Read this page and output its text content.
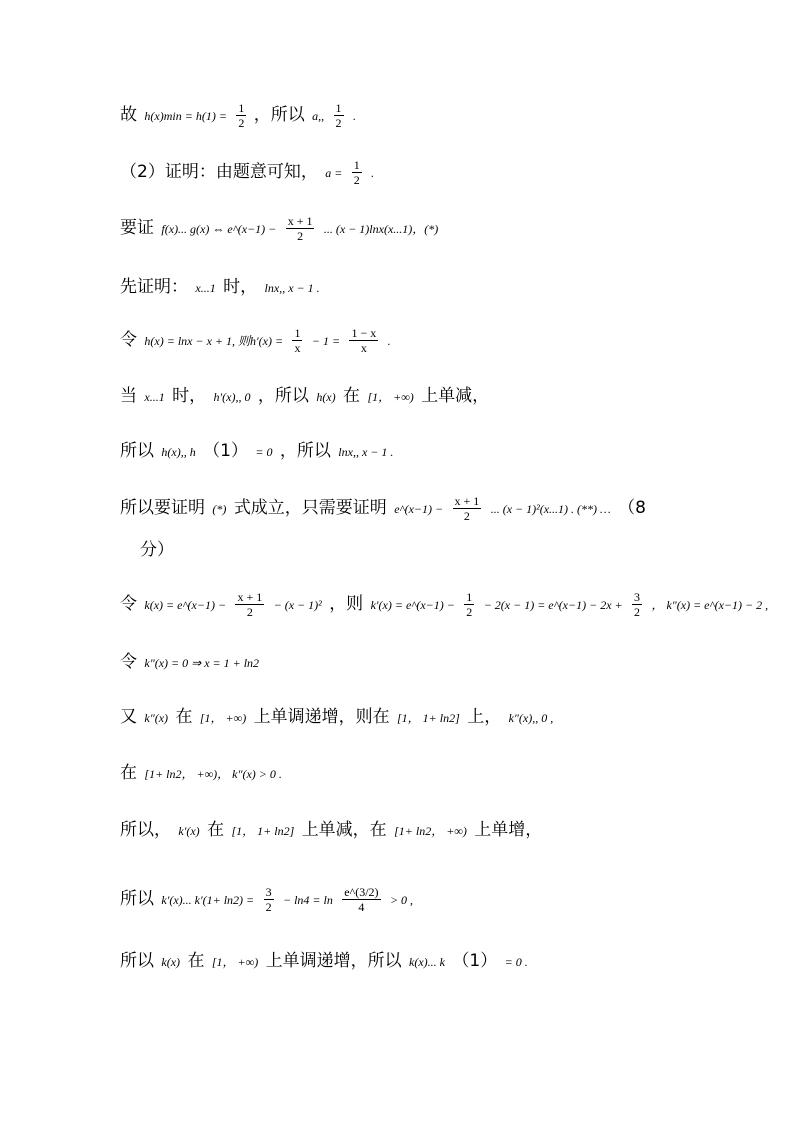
故 $h(x)\min = h(1) = \frac{1}{2}$ ，所以 a,, $\frac{1}{2}$ .
（2）证明：由题意可知， $a = \frac{1}{2}$ .
要证 f(x)... g(x) ⇔ e^(x−1) − $\frac{x + 1}{2}$ ... (x − 1)lnx(x...1)，(*)
先证明： x...1 时， lnx,, x − 1 .
令 h(x) = lnx − x + 1, 则$h'(x) = \frac{1}{x} - 1 = \frac{1 - x}{x}$ .
当 x...1 时， h′(x),, 0 ，所以 h(x) 在 [1， +∞) 上单减，
所以 h(x),, h （1） = 0 ，所以 lnx,, x − 1 .
所以要证明 (*) 式成立，只需要证明 e^(x−1) − $\frac{x + 1}{2}$ ... (x − 1)²(x...1) . (**) … （8
分）
令 k(x) = e^(x−1) − $\frac{x + 1}{2} - (x - 1)^2$ ，则 k′(x) = e^(x−1) − $\frac{1}{2} - 2(x - 1)$ = e^(x−1) − $2x + \frac{3}{2}$ ， k″(x) = e^(x−1) − 2 ,
令 k″(x) = 0 ⇒ x = 1 + ln2
又 k″(x) 在 [1， +∞) 上单调递增，则在 [1， 1+ ln2] 上， k″(x),, 0 ,
在 [1+ ln2， +∞)， k″(x) > 0 .
所以， k′(x) 在 [1， 1+ ln2] 上单减，在 [1+ ln2， +∞) 上单增，
所以 k′(x)... $k'(1+ \ln 2) = \frac{3}{2} - \ln 4 = \ln \frac{e\^{}(3/2)}{4} > 0$ ,
所以 k(x) 在 [1， +∞) 上单调递增，所以 k(x)... k （1） = 0 .
